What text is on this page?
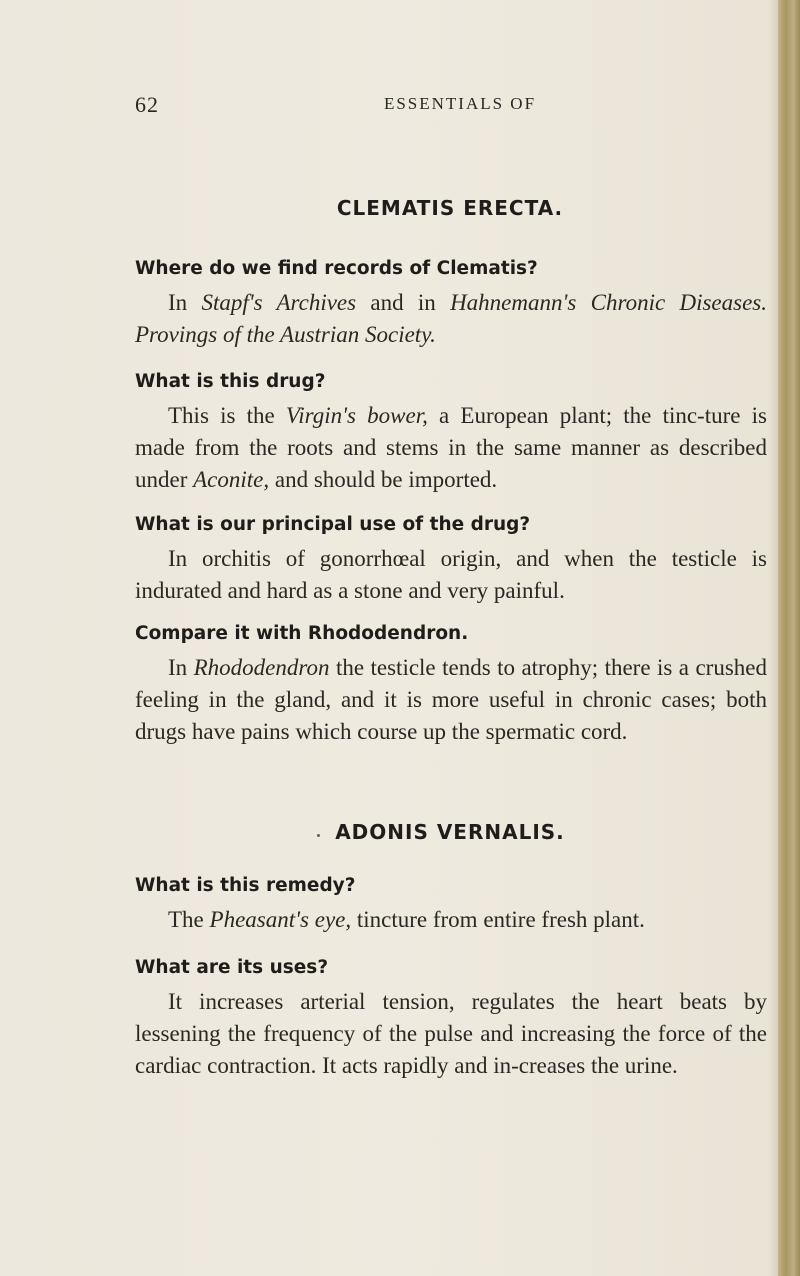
62	ESSENTIALS OF
CLEMATIS ERECTA.
Where do we find records of Clematis?
In Stapf's Archives and in Hahnemann's Chronic Diseases. Provings of the Austrian Society.
What is this drug?
This is the Virgin's bower, a European plant; the tinc-ture is made from the roots and stems in the same manner as described under Aconite, and should be imported.
What is our principal use of the drug?
In orchitis of gonorrhœal origin, and when the testicle is indurated and hard as a stone and very painful.
Compare it with Rhododendron.
In Rhododendron the testicle tends to atrophy; there is a crushed feeling in the gland, and it is more useful in chronic cases; both drugs have pains which course up the spermatic cord.
ADONIS VERNALIS.
What is this remedy?
The Pheasant's eye, tincture from entire fresh plant.
What are its uses?
It increases arterial tension, regulates the heart beats by lessening the frequency of the pulse and increasing the force of the cardiac contraction. It acts rapidly and in-creases the urine.
